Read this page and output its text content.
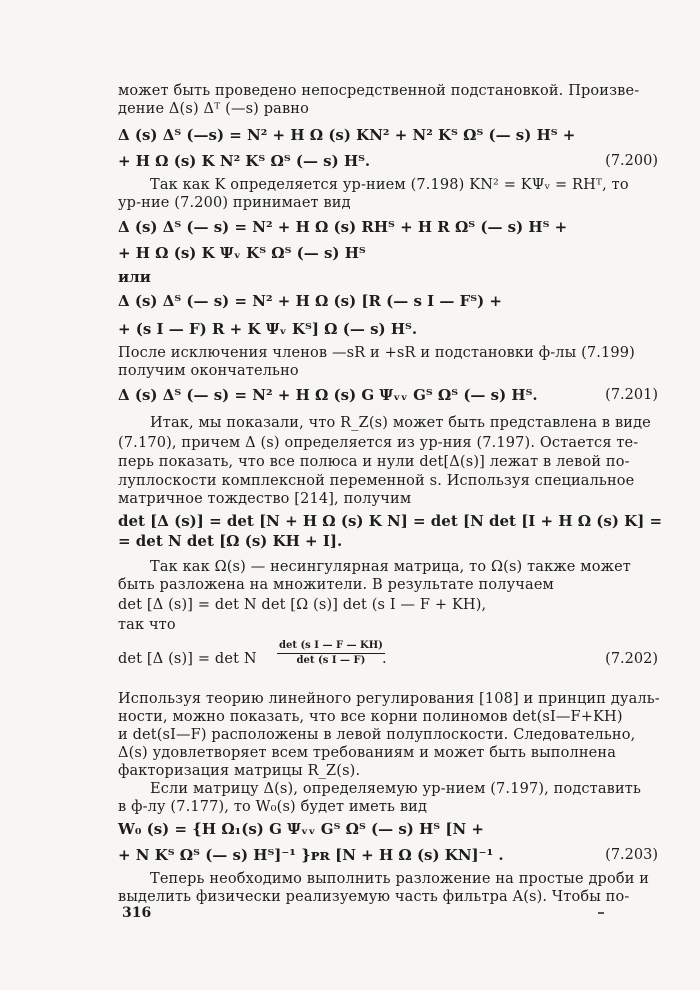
может быть проведено непосредственной подстановкой. Произве-
дение Δ(s) Δᵀ (—s) равно
Δ (s) Δᵀ (—s) = N² + H Ω (s) KN² + N² Kᵀ Ωᵀ (— s) Hᵀ +
+ H Ω (s) K N² Kᵀ Ωᵀ (— s) Hᵀ.	(7.200)
Так как K определяется ур-нием (7.198) KN² = KΨᵥ = RHᵀ, то
ур-ние (7.200) принимает вид
Δ (s) Δᵀ (— s) = N² + H Ω (s) RHᵀ + H R Ωᵀ (— s) Hᵀ +
+ H Ω (s) K Ψᵥ Kᵀ Ωᵀ (— s) Hᵀ
или
Δ (s) Δᵀ (— s) = N² + H Ω (s) [R (— s I — Fᵀ) +
+ (s I — F) R + K Ψᵥ Kᵀ] Ω (— s) Hᵀ.
После исключения членов —sR и +sR и подстановки ф-лы (7.199)
получим окончательно
Δ (s) Δᵀ (— s) = N² + H Ω (s) G Ψᵥᵥ Gᵀ Ωᵀ (— s) Hᵀ.	(7.201)
Итак, мы показали, что R_Z(s) может быть представлена в виде
(7.170), причем Δ (s) определяется из ур-ния (7.197). Остается те-
перь показать, что все полюса и нули det[Δ(s)] лежат в левой по-
луплоскости комплексной переменной s. Используя специальное
матричное тождество [214], получим
det [Δ (s)] = det [N + H Ω (s) K N] = det [N det [I + H Ω (s) K] =
= det N det [Ω (s) KH + I].
Так как Ω(s) — несингулярная матрица, то Ω(s) также может
быть разложена на множители. В результате получаем
det [Δ (s)] = det N det [Ω (s)] det (s I — F + KH),
так что
det [Δ (s)] = det N
det (s I — F — KH)
det (s I — F)	.	(7.202)
Используя теорию линейного регулирования [108] и принцип дуаль-
ности, можно показать, что все корни полиномов det(sI—F+KH)
и det(sI—F) расположены в левой полуплоскости. Следовательно,
Δ(s) удовлетворяет всем требованиям и может быть выполнена
факторизация матрицы R_Z(s).
Если матрицу Δ(s), определяемую ур-нием (7.197), подставить
в ф-лу (7.177), то W₀(s) будет иметь вид
W₀ (s) = {H Ω₁(s) G Ψᵥᵥ Gᵀ Ωᵀ (— s) Hᵀ [N +
+ N Kᵀ Ωᵀ (— s) Hᵀ]⁻¹ }ᴘʀ [N + H Ω (s) KN]⁻¹ .	(7.203)
Теперь необходимо выполнить разложение на простые дроби и
выделить физически реализуемую часть фильтра A(s). Чтобы по-
316
